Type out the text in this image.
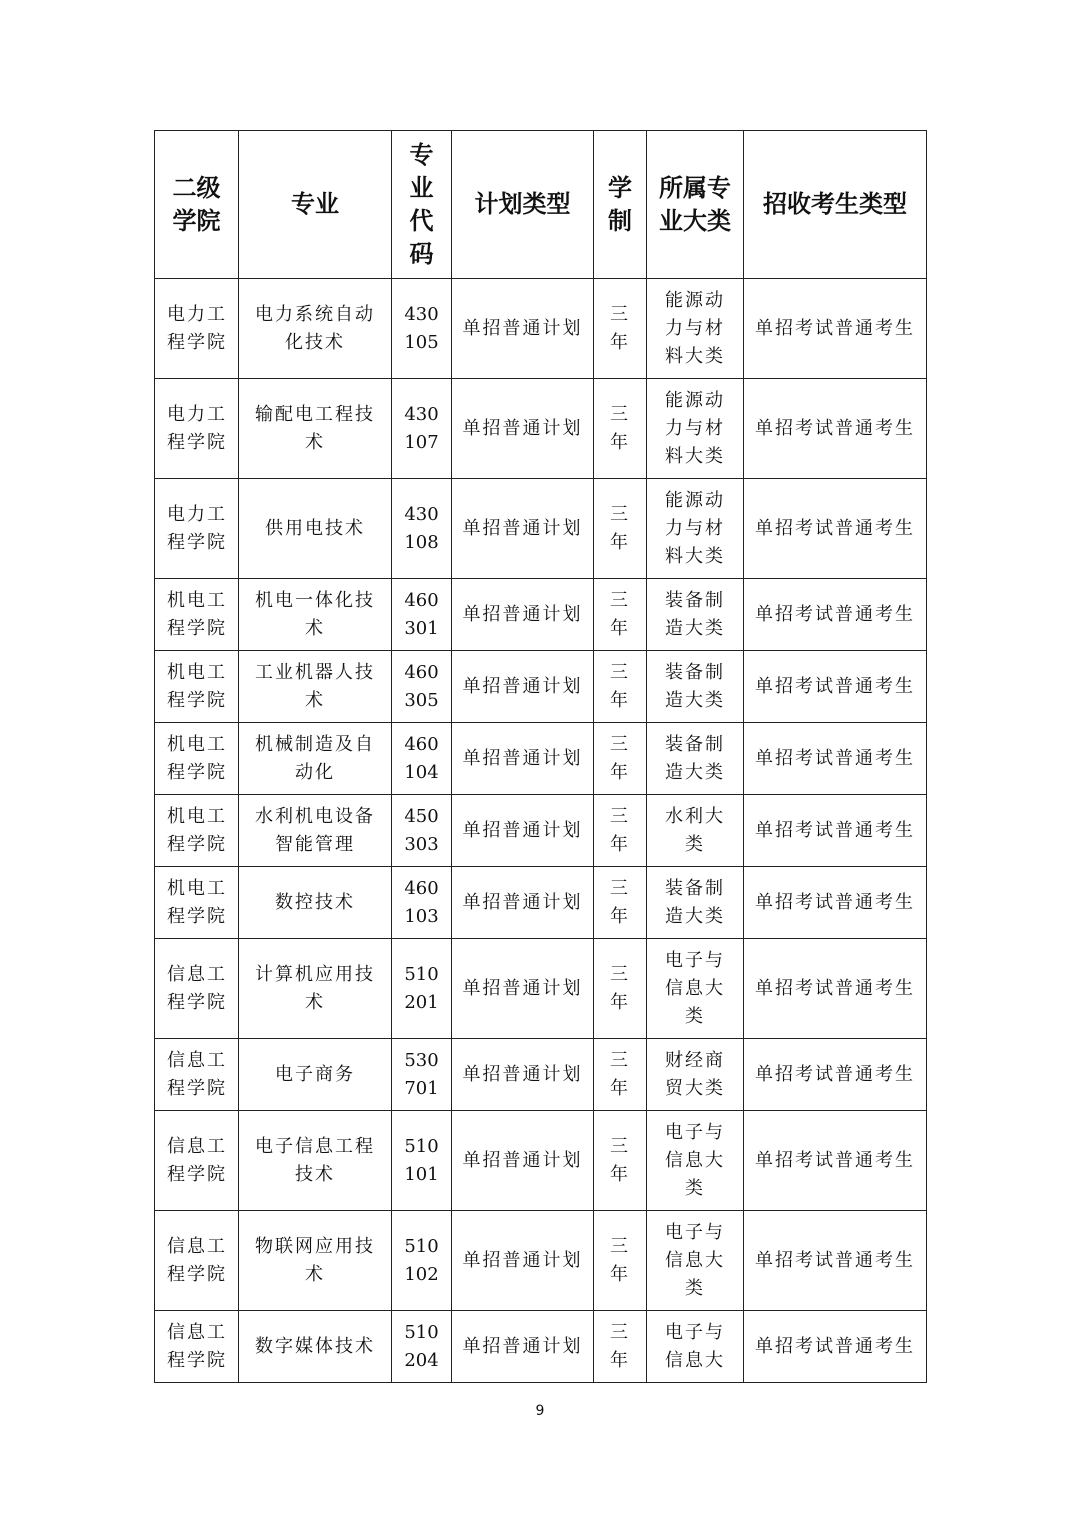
二级学院	专业	专业代码	计划类型	学制	所属专业大类	招收考生类型

电力工程学院	电力系统自动化技术	430105	单招普通计划	三年	能源动力与材料大类	单招考试普通考生

电力工程学院	输配电工程技术	430107	单招普通计划	三年	能源动力与材料大类	单招考试普通考生

电力工程学院	供用电技术	430108	单招普通计划	三年	能源动力与材料大类	单招考试普通考生

机电工程学院	机电一体化技术	460301	单招普通计划	三年	装备制造大类	单招考试普通考生

机电工程学院	工业机器人技术	460305	单招普通计划	三年	装备制造大类	单招考试普通考生

机电工程学院	机械制造及自动化	460104	单招普通计划	三年	装备制造大类	单招考试普通考生

机电工程学院	水利机电设备智能管理	450303	单招普通计划	三年	水利大类	单招考试普通考生

机电工程学院	数控技术	460103	单招普通计划	三年	装备制造大类	单招考试普通考生

信息工程学院	计算机应用技术	510201	单招普通计划	三年	电子与信息大类	单招考试普通考生

信息工程学院	电子商务	530701	单招普通计划	三年	财经商贸大类	单招考试普通考生

信息工程学院	电子信息工程技术	510101	单招普通计划	三年	电子与信息大类	单招考试普通考生

信息工程学院	物联网应用技术	510102	单招普通计划	三年	电子与信息大类	单招考试普通考生

信息工程学院	数字媒体技术	510204	单招普通计划	三年	电子与信息大	单招考试普通考生
9
